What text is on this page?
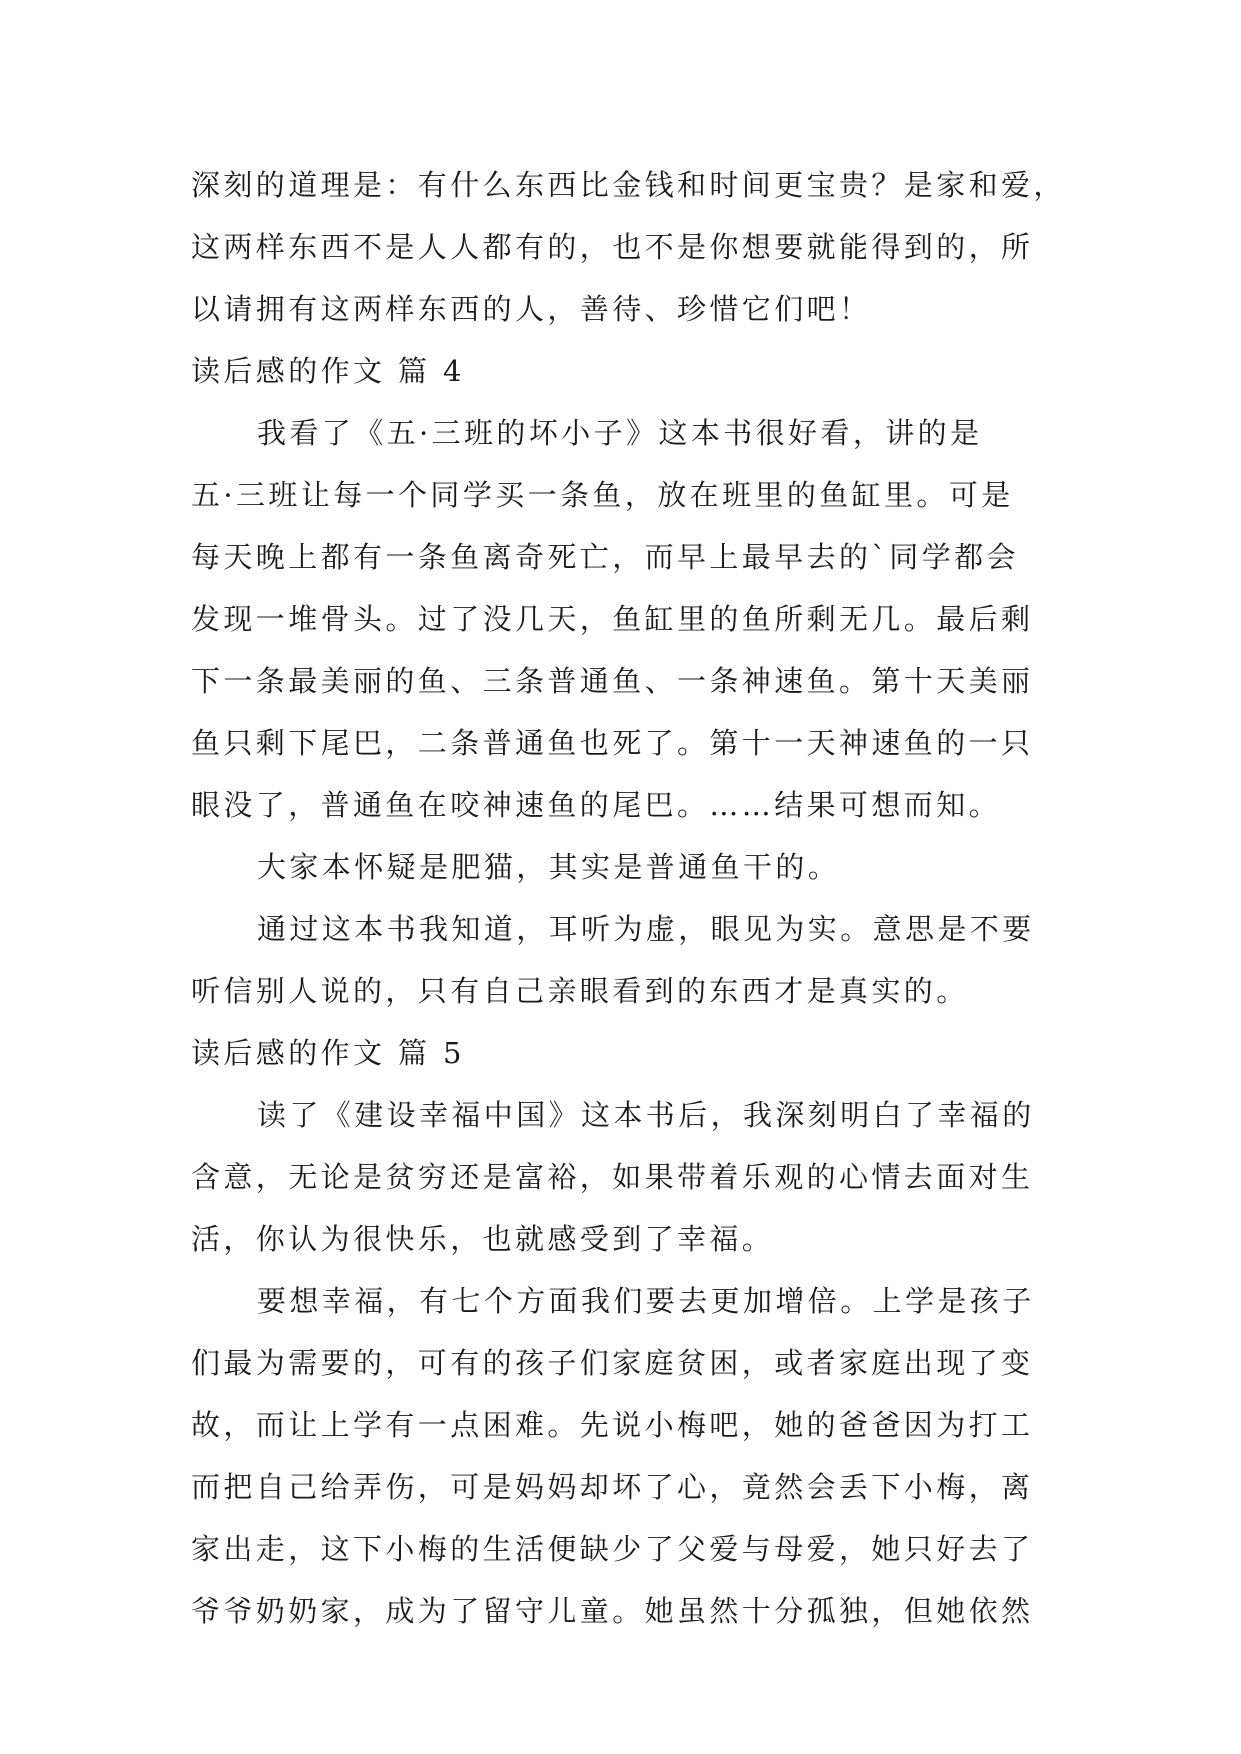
深刻的道理是：有什么东西比金钱和时间更宝贵？是家和爱，
这两样东西不是人人都有的，也不是你想要就能得到的，所
以请拥有这两样东西的人，善待、珍惜它们吧！
读后感的作文 篇 4
我看了《五·三班的坏小子》这本书很好看，讲的是
五·三班让每一个同学买一条鱼，放在班里的鱼缸里。可是
每天晚上都有一条鱼离奇死亡，而早上最早去的`同学都会
发现一堆骨头。过了没几天，鱼缸里的鱼所剩无几。最后剩
下一条最美丽的鱼、三条普通鱼、一条神速鱼。第十天美丽
鱼只剩下尾巴，二条普通鱼也死了。第十一天神速鱼的一只
眼没了，普通鱼在咬神速鱼的尾巴。……结果可想而知。
大家本怀疑是肥猫，其实是普通鱼干的。
通过这本书我知道，耳听为虚，眼见为实。意思是不要
听信别人说的，只有自己亲眼看到的东西才是真实的。
读后感的作文 篇 5
读了《建设幸福中国》这本书后，我深刻明白了幸福的
含意，无论是贫穷还是富裕，如果带着乐观的心情去面对生
活，你认为很快乐，也就感受到了幸福。
要想幸福，有七个方面我们要去更加增倍。上学是孩子
们最为需要的，可有的孩子们家庭贫困，或者家庭出现了变
故，而让上学有一点困难。先说小梅吧，她的爸爸因为打工
而把自己给弄伤，可是妈妈却坏了心，竟然会丢下小梅，离
家出走，这下小梅的生活便缺少了父爱与母爱，她只好去了
爷爷奶奶家，成为了留守儿童。她虽然十分孤独，但她依然
